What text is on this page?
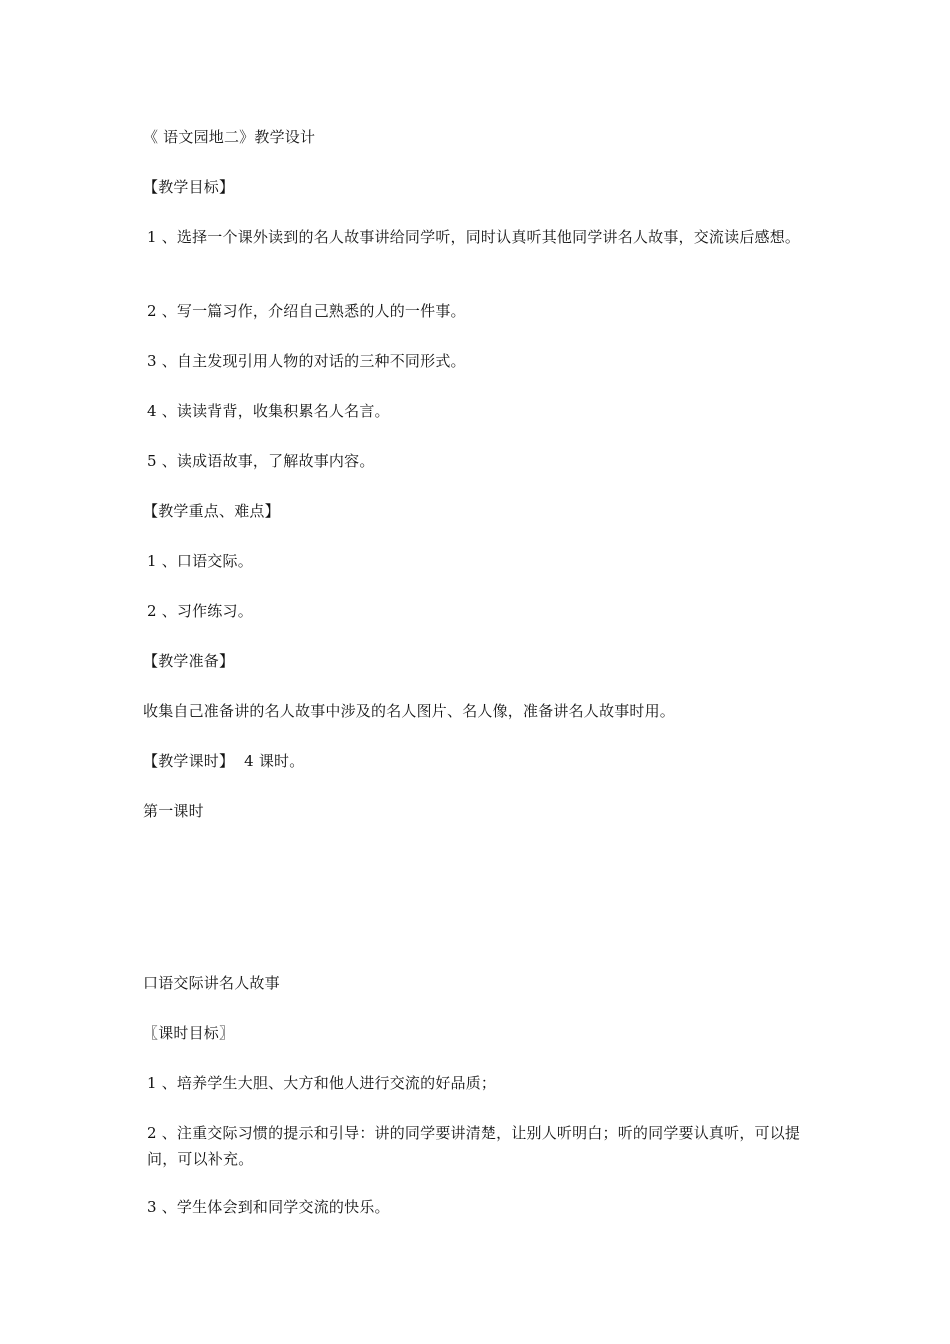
《 语文园地二》教学设计
【教学目标】
1 、选择一个课外读到的名人故事讲给同学听，同时认真听其他同学讲名人故事，交流读后感想。
2 、写一篇习作，介绍自己熟悉的人的一件事。
3 、自主发现引用人物的对话的三种不同形式。
4 、读读背背，收集积累名人名言。
5 、读成语故事，了解故事内容。
【教学重点、难点】
1 、口语交际。
2 、习作练习。
【教学准备】
收集自己准备讲的名人故事中涉及的名人图片、名人像，准备讲名人故事时用。
【教学课时】  4 课时。
第一课时
口语交际讲名人故事
〖课时目标〗
1 、培养学生大胆、大方和他人进行交流的好品质；
2 、注重交际习惯的提示和引导：讲的同学要讲清楚，让别人听明白；听的同学要认真听，可以提问，可以补充。
3 、学生体会到和同学交流的快乐。
